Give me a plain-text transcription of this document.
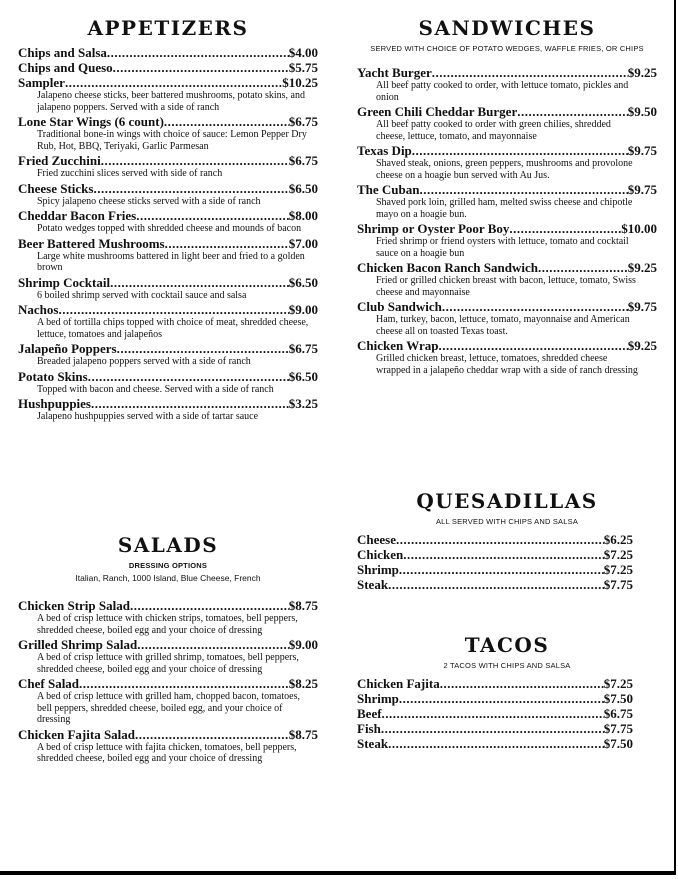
APPETIZERS
Chips and Salsa .....	$4.00
Chips and Queso .....	$5.75
Sampler .....	$10.25
Jalapeno cheese sticks, beer battered mushrooms, potato skins, and jalapeno poppers. Served with a side of ranch
Lone Star Wings (6 count) .....	$6.75
Traditional bone-in wings with choice of sauce: Lemon Pepper Dry Rub, Hot, BBQ, Teriyaki, Garlic Parmesan
Fried Zucchini .....	$6.75
Fried zucchini slices served with side of ranch
Cheese Sticks .....	$6.50
Spicy jalapeno cheese sticks served with a side of ranch
Cheddar Bacon Fries .....	$8.00
Potato wedges topped with shredded cheese and mounds of bacon
Beer Battered Mushrooms .....	$7.00
Large white mushrooms battered in light beer and fried to a golden brown
Shrimp Cocktail .....	$6.50
6 boiled shrimp served with cocktail sauce and salsa
Nachos .....	$9.00
A bed of tortilla chips topped with choice of meat, shredded cheese, lettuce, tomatoes and jalapeños
Jalapeño Poppers .....	$6.75
Breaded jalapeno poppers served with a side of ranch
Potato Skins .....	$6.50
Topped with bacon and cheese. Served with a side of ranch
Hushpuppies .....	$3.25
Jalapeno hushpuppies served with a side of tartar sauce
SALADS
DRESSING OPTIONS
Italian, Ranch, 1000 Island, Blue Cheese, French
Chicken Strip Salad .....	$8.75
A bed of crisp lettuce with chicken strips, tomatoes, bell peppers, shredded cheese, boiled egg and your choice of dressing
Grilled Shrimp Salad .....	$9.00
A bed of crisp lettuce with grilled shrimp, tomatoes, bell peppers, shredded cheese, boiled egg and your choice of dressing
Chef Salad .....	$8.25
A bed of crisp lettuce with grilled ham, chopped bacon, tomatoes, bell peppers, shredded cheese, boiled egg, and your choice of dressing
Chicken Fajita Salad .....	$8.75
A bed of crisp lettuce with fajita chicken, tomatoes, bell peppers, shredded cheese, boiled egg and your choice of dressing
SANDWICHES
SERVED WITH CHOICE OF POTATO WEDGES, WAFFLE FRIES, OR CHIPS
Yacht Burger .....	$9.25
All beef patty cooked to order, with lettuce tomato, pickles and onion
Green Chili Cheddar Burger .....	$9.50
All beef patty cooked to order with green chilies, shredded cheese, lettuce, tomato, and mayonnaise
Texas Dip .....	$9.75
Shaved steak, onions, green peppers, mushrooms and provolone cheese on a hoagie bun served with Au Jus.
The Cuban .....	$9.75
Shaved pork loin, grilled ham, melted swiss cheese and chipotle mayo on a hoagie bun.
Shrimp or Oyster Poor Boy .....	$10.00
Fried shrimp or friend oysters with lettuce, tomato and cocktail sauce on a hoagie bun
Chicken Bacon Ranch Sandwich .....	$9.25
Fried or grilled chicken breast with bacon, lettuce, tomato, Swiss cheese and mayonnaise
Club Sandwich .....	$9.75
Ham, turkey, bacon, lettuce, tomato, mayonnaise and American cheese all on toasted Texas toast.
Chicken Wrap .....	$9.25
Grilled chicken breast, lettuce, tomatoes, shredded cheese wrapped in a jalapeño cheddar wrap with a side of ranch dressing
QUESADILLAS
ALL SERVED WITH CHIPS AND SALSA
Cheese .....	$6.25
Chicken .....	$7.25
Shrimp .....	$7.25
Steak .....	$7.75
TACOS
2 TACOS WITH CHIPS AND SALSA
Chicken Fajita .....	$7.25
Shrimp .....	$7.50
Beef .....	$6.75
Fish .....	$7.75
Steak .....	$7.50
